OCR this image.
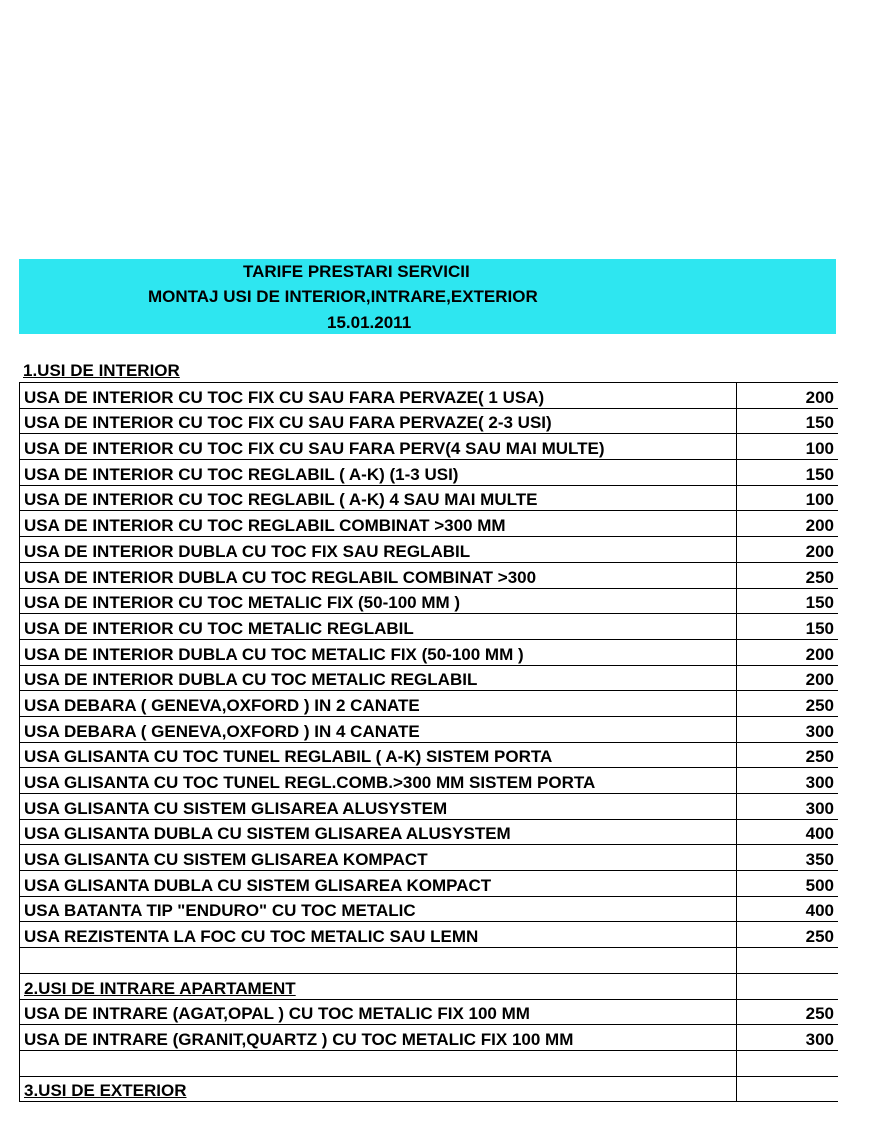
TARIFE PRESTARI SERVICII
MONTAJ USI DE INTERIOR,INTRARE,EXTERIOR
15.01.2011
1.USI DE INTERIOR
USA DE INTERIOR CU TOC FIX CU SAU FARA PERVAZE( 1 USA)	200
USA DE INTERIOR CU TOC FIX CU SAU FARA PERVAZE( 2-3 USI)	150
USA DE INTERIOR CU TOC FIX CU SAU FARA PERV(4 SAU MAI MULTE)	100
USA DE INTERIOR CU TOC REGLABIL ( A-K) (1-3 USI)	150
USA DE INTERIOR CU TOC REGLABIL ( A-K) 4 SAU MAI MULTE	100
USA DE INTERIOR CU TOC REGLABIL COMBINAT >300 MM	200
USA DE INTERIOR DUBLA CU TOC FIX SAU REGLABIL	200
USA DE INTERIOR DUBLA CU TOC REGLABIL COMBINAT >300	250
USA DE INTERIOR CU TOC METALIC FIX (50-100 MM )	150
USA DE INTERIOR CU TOC METALIC REGLABIL	150
USA DE INTERIOR DUBLA CU TOC METALIC FIX (50-100 MM )	200
USA DE INTERIOR DUBLA CU TOC METALIC REGLABIL	200
USA DEBARA ( GENEVA,OXFORD ) IN 2 CANATE	250
USA DEBARA ( GENEVA,OXFORD ) IN 4 CANATE	300
USA GLISANTA CU TOC TUNEL REGLABIL ( A-K) SISTEM PORTA	250
USA GLISANTA CU TOC TUNEL REGL.COMB.>300 MM SISTEM PORTA	300
USA GLISANTA CU SISTEM GLISAREA ALUSYSTEM	300
USA GLISANTA DUBLA CU SISTEM GLISAREA ALUSYSTEM	400
USA GLISANTA CU SISTEM GLISAREA KOMPACT	350
USA GLISANTA DUBLA CU SISTEM GLISAREA KOMPACT	500
USA BATANTA TIP "ENDURO" CU TOC METALIC	400
USA REZISTENTA LA FOC CU TOC METALIC SAU LEMN	250

2.USI DE INTRARE APARTAMENT	
USA DE INTRARE (AGAT,OPAL ) CU TOC METALIC FIX 100 MM	250
USA DE INTRARE (GRANIT,QUARTZ ) CU TOC METALIC FIX 100 MM	300

3.USI DE EXTERIOR	
